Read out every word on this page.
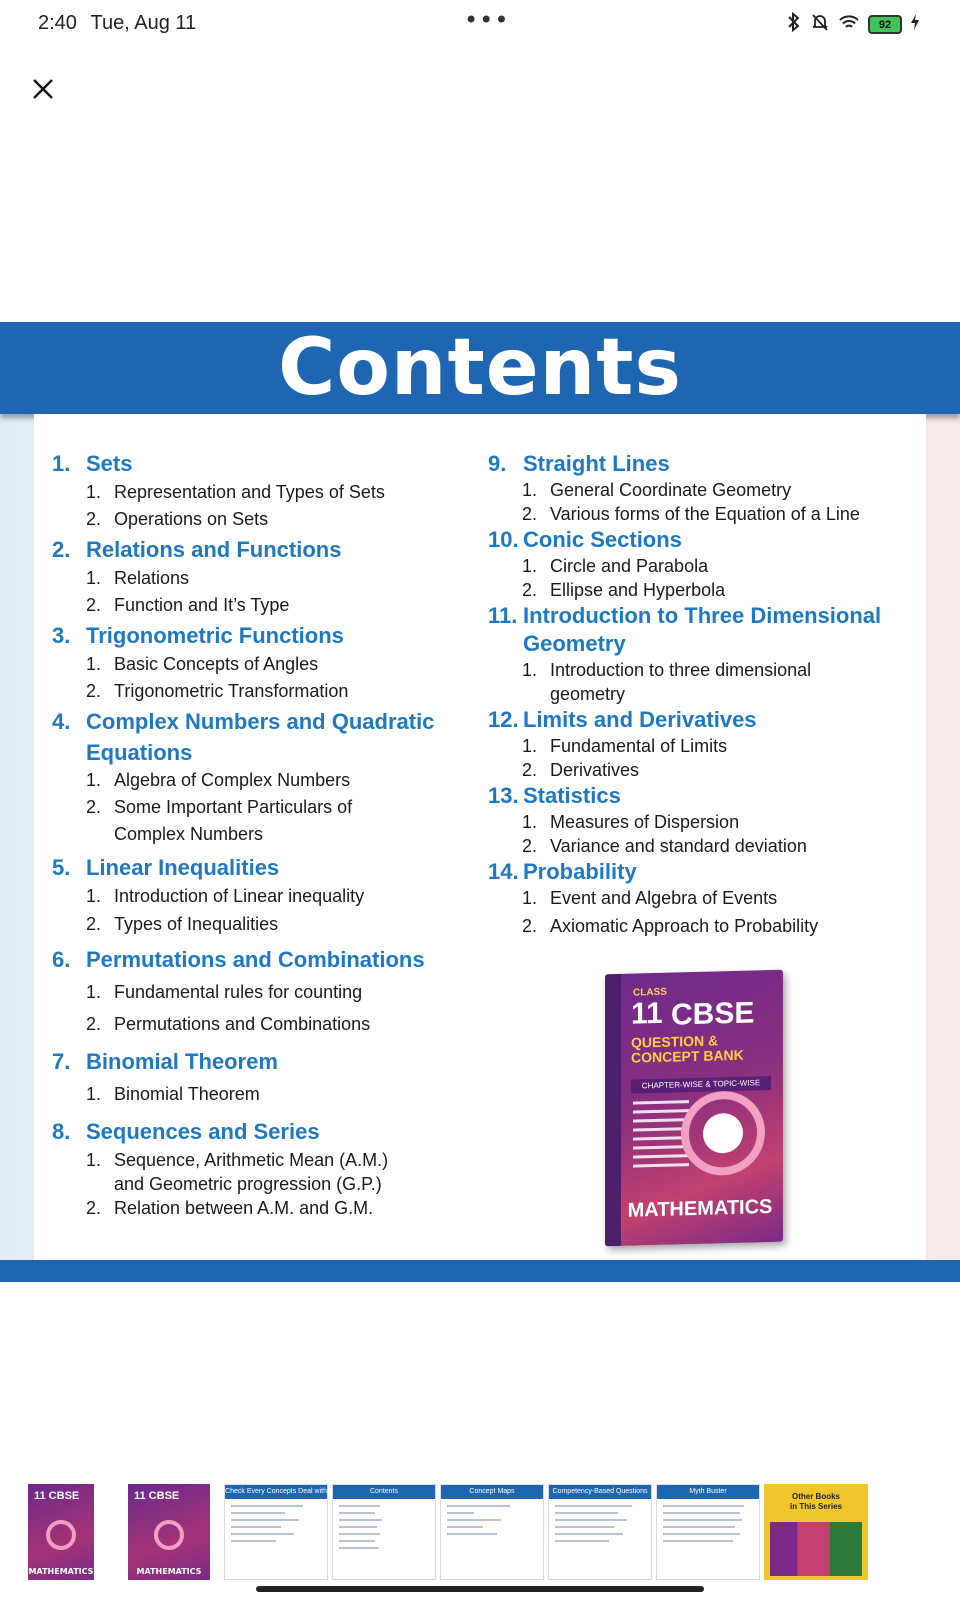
2:40 Tue, Aug 11	•••	92
Contents
1. Sets
1. Representation and Types of Sets
2. Operations on Sets
2. Relations and Functions
1. Relations
2. Function and It’s Type
3. Trigonometric Functions
1. Basic Concepts of Angles
2. Trigonometric Transformation
4. Complex Numbers and Quadratic
Equations
1. Algebra of Complex Numbers
2. Some Important Particulars of
Complex Numbers
5. Linear Inequalities
1. Introduction of Linear inequality
2. Types of Inequalities
6. Permutations and Combinations
1. Fundamental rules for counting
2. Permutations and Combinations
7. Binomial Theorem
1. Binomial Theorem
8. Sequences and Series
1. Sequence, Arithmetic Mean (A.M.)
and Geometric progression (G.P.)
2. Relation between A.M. and G.M.
9. Straight Lines
1. General Coordinate Geometry
2. Various forms of the Equation of a Line
10. Conic Sections
1. Circle and Parabola
2. Ellipse and Hyperbola
11. Introduction to Three Dimensional
Geometry
1. Introduction to three dimensional
geometry
12. Limits and Derivatives
1. Fundamental of Limits
2. Derivatives
13. Statistics
1. Measures of Dispersion
2. Variance and standard deviation
14. Probability
1. Event and Algebra of Events
2. Axiomatic Approach to Probability
CLASS
11 CBSE
QUESTION &
CONCEPT BANK
CHAPTER-WISE & TOPIC-WISE
MATHEMATICS
11 CBSE
MATHEMATICS
11 CBSE
MATHEMATICS
Check Every Concepts Deal with	Contents	Concept Maps	Competency-Based Questions	Myth Buster
Other Books
in This Series
